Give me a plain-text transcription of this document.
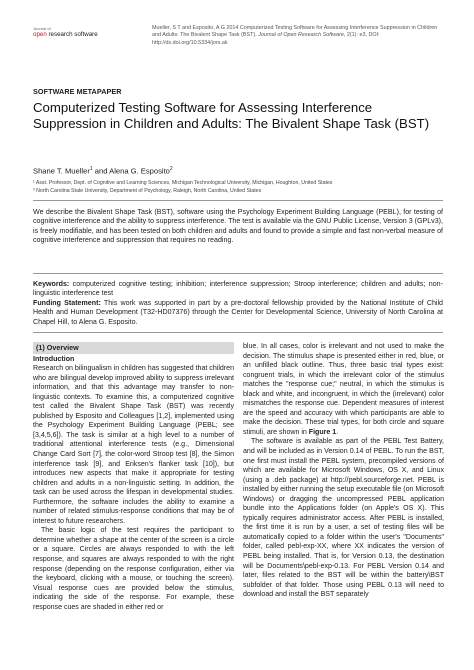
Journal of
open research software
Mueller, S T and Esposito, A G 2014 Computerized Testing Software for Assessing Interference Suppression in Children and Adults: The Bivalent Shape Task (BST). Journal of Open Research Software, 2(1): e3, DOI: http://dx.doi.org/10.5334/jors.ak
SOFTWARE METAPAPER
Computerized Testing Software for Assessing Interference Suppression in Children and Adults: The Bivalent Shape Task (BST)
Shane T. Mueller$^1$ and Alena G. Esposito$^2$
¹ Asst. Professor, Dept. of Cognitive and Learning Sciences, Michigan Technological University, Michigan, Houghton, United States
² North Carolina State University, Department of Psychology, Raleigh, North Carolina, United States

We describe the Bivalent Shape Task (BST), software using the Psychology Experiment Building Language (PEBL), for testing of cognitive interference and the ability to suppress interference. The test is available via the GNU Public License, Version 3 (GPLv3), is freely modifiable, and has been tested on both children and adults and found to provide a simple and fast non-verbal measure of cognitive interference and suppression that requires no reading.

Keywords: computerized cognitive testing; inhibition; interference suppression; Stroop interference; children and adults; non-linguistic interference test

Funding Statement: This work was supported in part by a pre-doctoral fellowship provided by the National Institute of Child Health and Human Development (T32-HD07376) through the Center for Developmental Science, University of North Carolina at Chapel Hill, to Alena G. Esposito.

(1) Overview
Introduction

Research on bilingualism in children has suggested that children who are bilingual develop improved ability to suppress irrelevant information, and that this advantage may transfer to non-linguistic contexts. To examine this, a computerized cognitive test called the Bivalent Shape Task (BST) was recently published by Esposito and Colleagues [1,2], implemented using the Psychology Experiment Building Language (PEBL; see [3,4,5,6]). The task is similar at a high level to a number of traditional attentional interference tests (e.g., Dimensional Change Card Sort [7], the color-word Stroop test [8], the Simon interference task [9], and Eriksen's flanker task [10]), but introduces new aspects that make it appropriate for testing children and adults in a non-linguistic setting. In addition, the task can be used across the lifespan in developmental studies. Furthermore, the software includes the ability to examine a number of related stimulus-response conditions that may be of interest to future researchers.

The basic logic of the test requires the participant to determine whether a shape at the center of the screen is a circle or a square. Circles are always responded to with the left response, and squares are always responded to with the right response (depending on the response configuration, either via the keyboard, clicking with a mouse, or touching the screen). Visual response cues are provided below the stimulus, indicating the side of the response. For example, these response cues are shaded in either red or

blue. In all cases, color is irrelevant and not used to make the decision. The stimulus shape is presented either in red, blue, or an unfilled black outline. Thus, three basic trial types exist: congruent trials, in which the irrelevant color of the stimulus matches the "response cue;" neutral, in which the stimulus is black and white, and incongruent, in which the (irrelevant) color mismatches the response cue. Dependent measures of interest are the speed and accuracy with which participants are able to make the decision. These trial types, for both circle and square stimuli, are shown in Figure 1.

The software is available as part of the PEBL Test Battery, and will be included as in Version 0.14 of PEBL. To run the BST, one first must install the PEBL system, precompiled versions of which are available for Microsoft Windows, OS X, and Linux (using a .deb package) at http://pebl.sourceforge.net. PEBL is installed by either running the setup executable file (on Microsoft Windows) or dragging the uncompressed PEBL application bundle into the Applications folder (on Apple's OS X). This typically requires administrator access. After PEBL is installed, the first time it is run by a user, a set of testing files will be automatically copied to a folder within the user's "Documents" folder, called pebl-exp-XX, where XX indicates the version of PEBL being installed. That is, for Version 0.13, the destination will be Documents\pebl-exp-0.13. For PEBL Version 0.14 and later, files related to the BST will be within the battery\BST subfolder of that folder. Those using PEBL 0.13 will need to download and install the BST separately
